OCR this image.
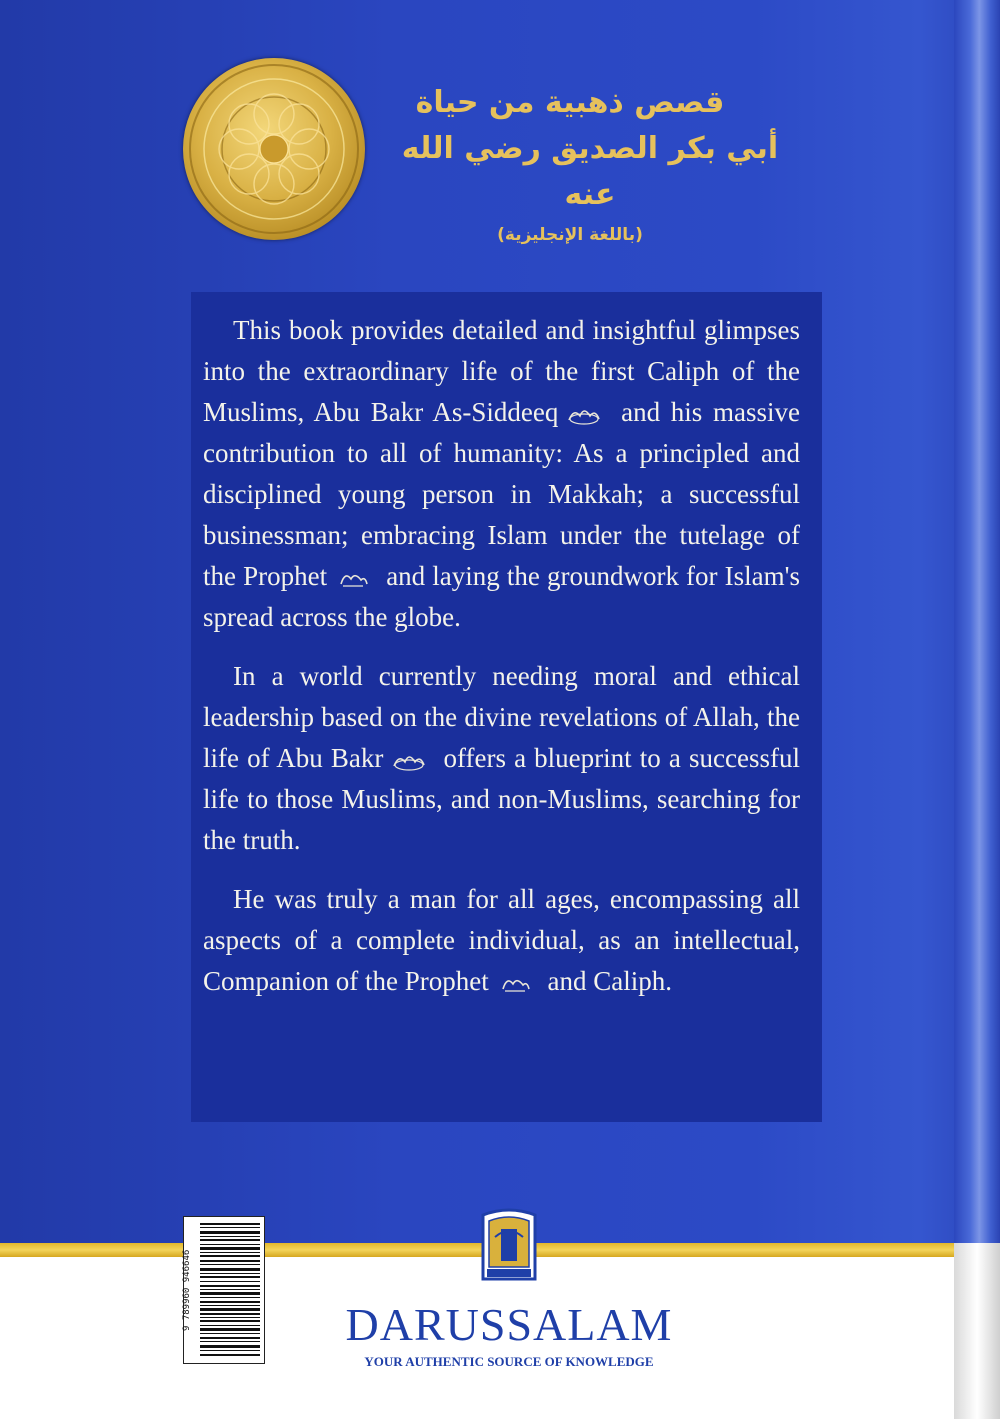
قصص ذهبية من حياة
أبي بكر الصديق رضي الله عنه
(باللغة الإنجليزية)

This book provides detailed and insightful glimpses into the extraordinary life of the first Caliph of the Muslims, Abu Bakr As-Siddeeq and his massive contribution to all of humanity: As a principled and disciplined young person in Makkah; a successful businessman; embracing Islam under the tutelage of the Prophet and laying the groundwork for Islam's spread across the globe.

In a world currently needing moral and ethical leadership based on the divine revelations of Allah, the life of Abu Bakr offers a blueprint to a successful life to those Muslims, and non-Muslims, searching for the truth.

He was truly a man for all ages, encompassing all aspects of a complete individual, as an intellectual, Companion of the Prophet and Caliph.

9 789960 946646	DARUSSALAM
YOUR AUTHENTIC SOURCE OF KNOWLEDGE
